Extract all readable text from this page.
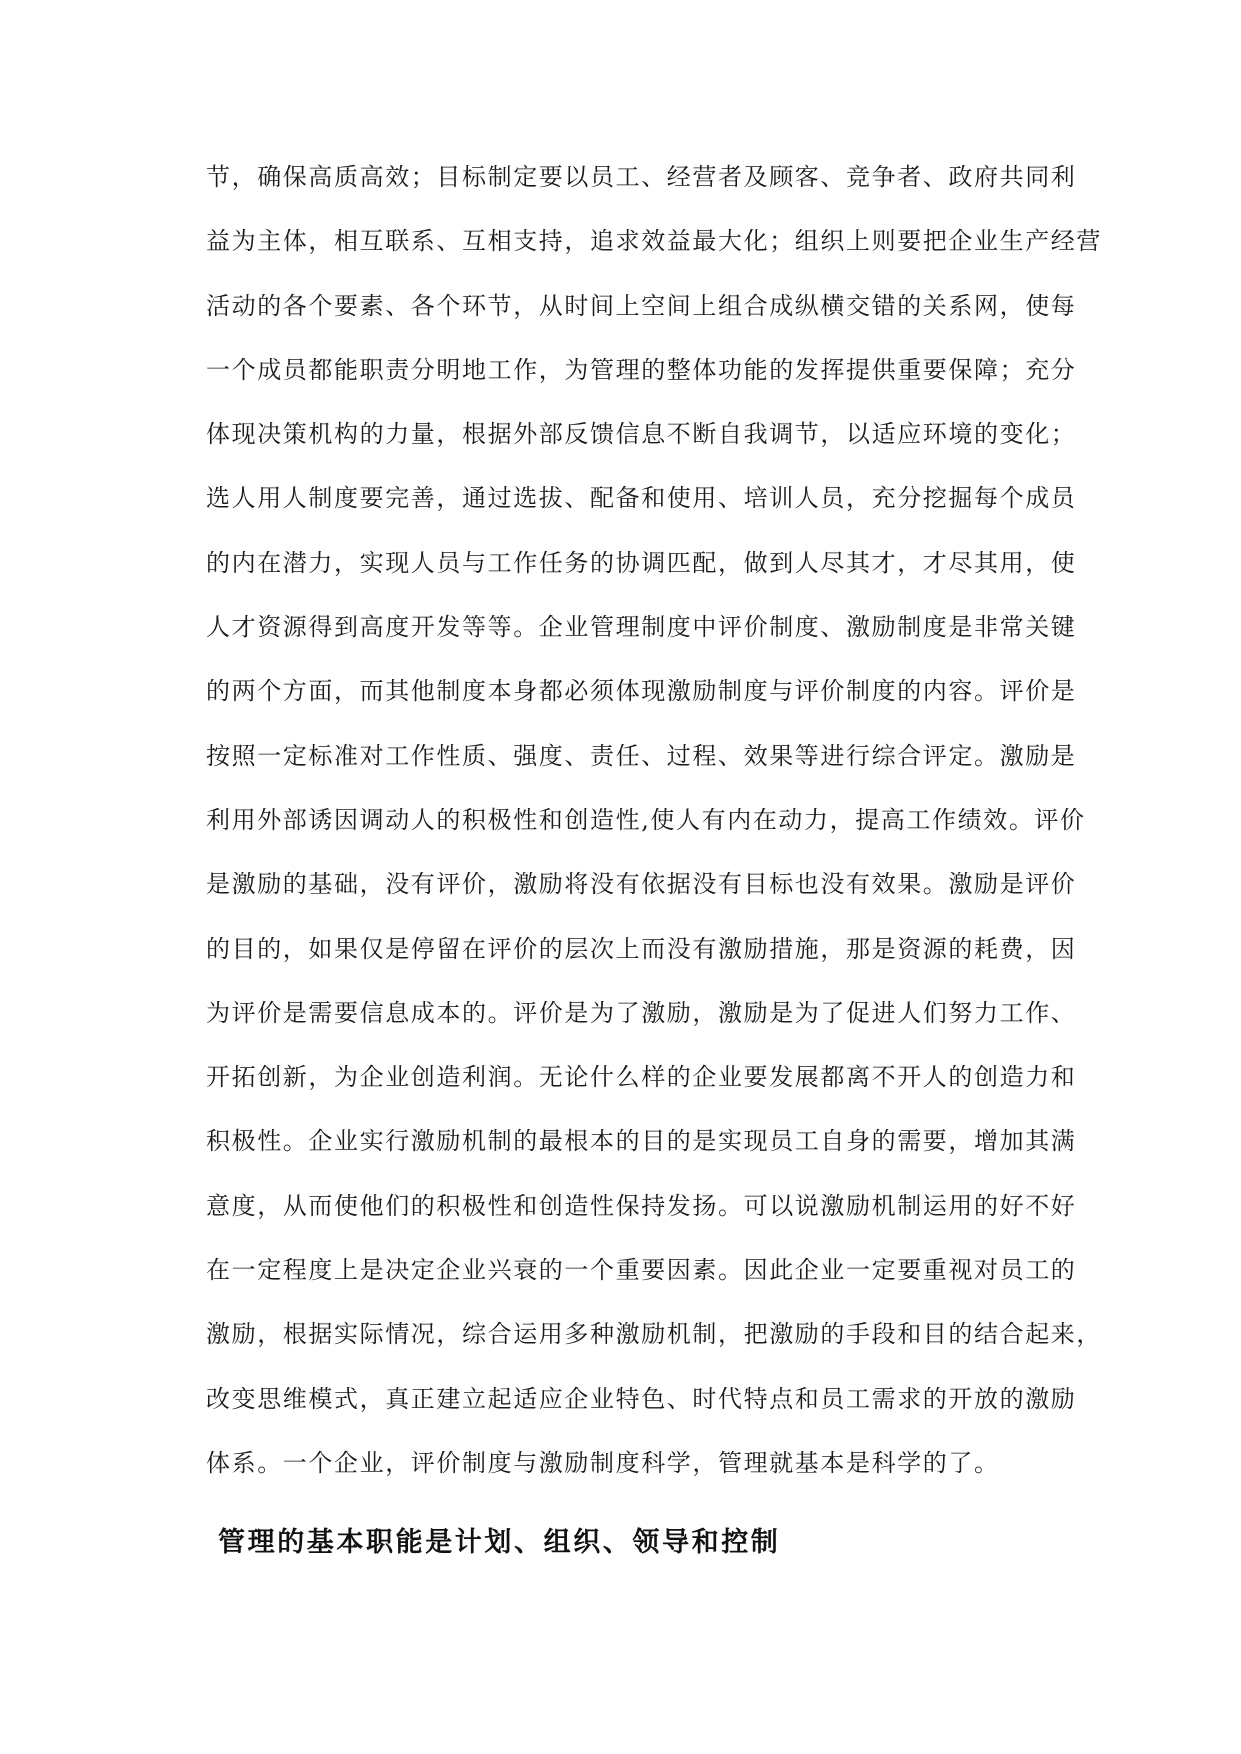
节，确保高质高效；目标制定要以员工、经营者及顾客、竞争者、政府共同利
益为主体，相互联系、互相支持，追求效益最大化；组织上则要把企业生产经营
活动的各个要素、各个环节，从时间上空间上组合成纵横交错的关系网，使每
一个成员都能职责分明地工作，为管理的整体功能的发挥提供重要保障；充分
体现决策机构的力量，根据外部反馈信息不断自我调节，以适应环境的变化；
选人用人制度要完善，通过选拔、配备和使用、培训人员，充分挖掘每个成员
的内在潜力，实现人员与工作任务的协调匹配，做到人尽其才，才尽其用，使
人才资源得到高度开发等等。企业管理制度中评价制度、激励制度是非常关键
的两个方面，而其他制度本身都必须体现激励制度与评价制度的内容。评价是
按照一定标准对工作性质、强度、责任、过程、效果等进行综合评定。激励是
利用外部诱因调动人的积极性和创造性,使人有内在动力，提高工作绩效。评价
是激励的基础，没有评价，激励将没有依据没有目标也没有效果。激励是评价
的目的，如果仅是停留在评价的层次上而没有激励措施，那是资源的耗费，因
为评价是需要信息成本的。评价是为了激励，激励是为了促进人们努力工作、
开拓创新，为企业创造利润。无论什么样的企业要发展都离不开人的创造力和
积极性。企业实行激励机制的最根本的目的是实现员工自身的需要，增加其满
意度，从而使他们的积极性和创造性保持发扬。可以说激励机制运用的好不好
在一定程度上是决定企业兴衰的一个重要因素。因此企业一定要重视对员工的
激励，根据实际情况，综合运用多种激励机制，把激励的手段和目的结合起来，
改变思维模式，真正建立起适应企业特色、时代特点和员工需求的开放的激励
体系。一个企业，评价制度与激励制度科学，管理就基本是科学的了。
管理的基本职能是计划、组织、领导和控制
